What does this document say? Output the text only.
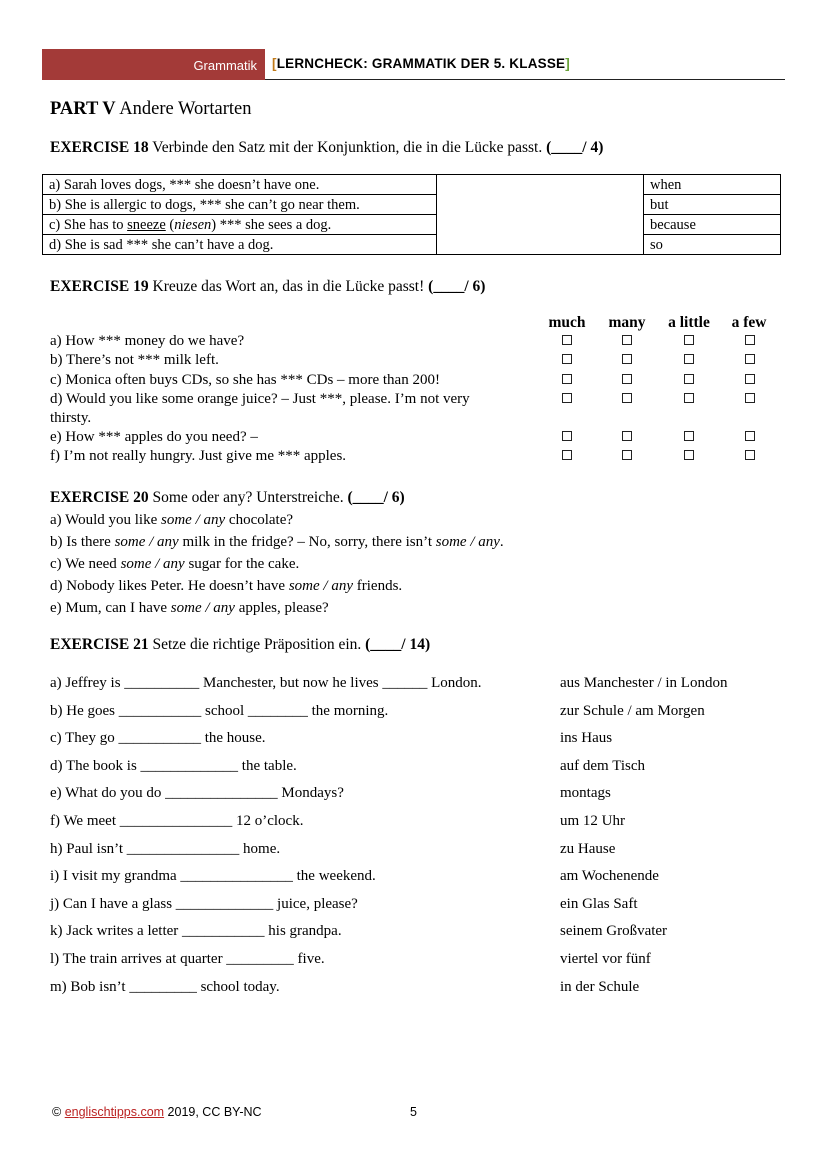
Grammatik	[LERNCHECK: GRAMMATIK DER 5. KLASSE]
PART V Andere Wortarten
EXERCISE 18 Verbinde den Satz mit der Konjunktion, die in die Lücke passt. (____/ 4)
a) Sarah loves dogs, *** she doesn’t have one.		when
b) She is allergic to dogs, *** she can’t go near them.		but
c) She has to sneeze (niesen) *** she sees a dog.		because
d) She is sad *** she can’t have a dog.		so
EXERCISE 19 Kreuze das Wort an, das in die Lücke passt! (____/ 6)
much	many	a little	a few
a) How *** money do we have?
b) There’s not *** milk left.
c) Monica often buys CDs, so she has *** CDs – more than 200!
d) Would you like some orange juice? – Just ***, please. I’m not very
thirsty.
e) How *** apples do you need? –
f) I’m not really hungry. Just give me *** apples.
EXERCISE 20 Some oder any? Unterstreiche. (____/ 6)
a) Would you like some / any chocolate?
b) Is there some / any milk in the fridge? – No, sorry, there isn’t some / any.
c) We need some / any sugar for the cake.
d) Nobody likes Peter. He doesn’t have some / any friends.
e) Mum, can I have some / any apples, please?
EXERCISE 21 Setze die richtige Präposition ein. (____/ 14)
a) Jeffrey is __________ Manchester, but now he lives ______ London.	aus Manchester / in London
b) He goes ___________ school ________ the morning.	zur Schule / am Morgen
c) They go ___________ the house.	ins Haus
d) The book is _____________ the table.	auf dem Tisch
e) What do you do _______________ Mondays?	montags
f) We meet _______________ 12 o’clock.	um 12 Uhr
h) Paul isn’t _______________ home.	zu Hause
i) I visit my grandma _______________ the weekend.	am Wochenende
j) Can I have a glass _____________ juice, please?	ein Glas Saft
k) Jack writes a letter ___________ his grandpa.	seinem Großvater
l) The train arrives at quarter _________ five.	viertel vor fünf
m) Bob isn’t _________ school today.	in der Schule
© englischtipps.com 2019, CC BY-NC	5
